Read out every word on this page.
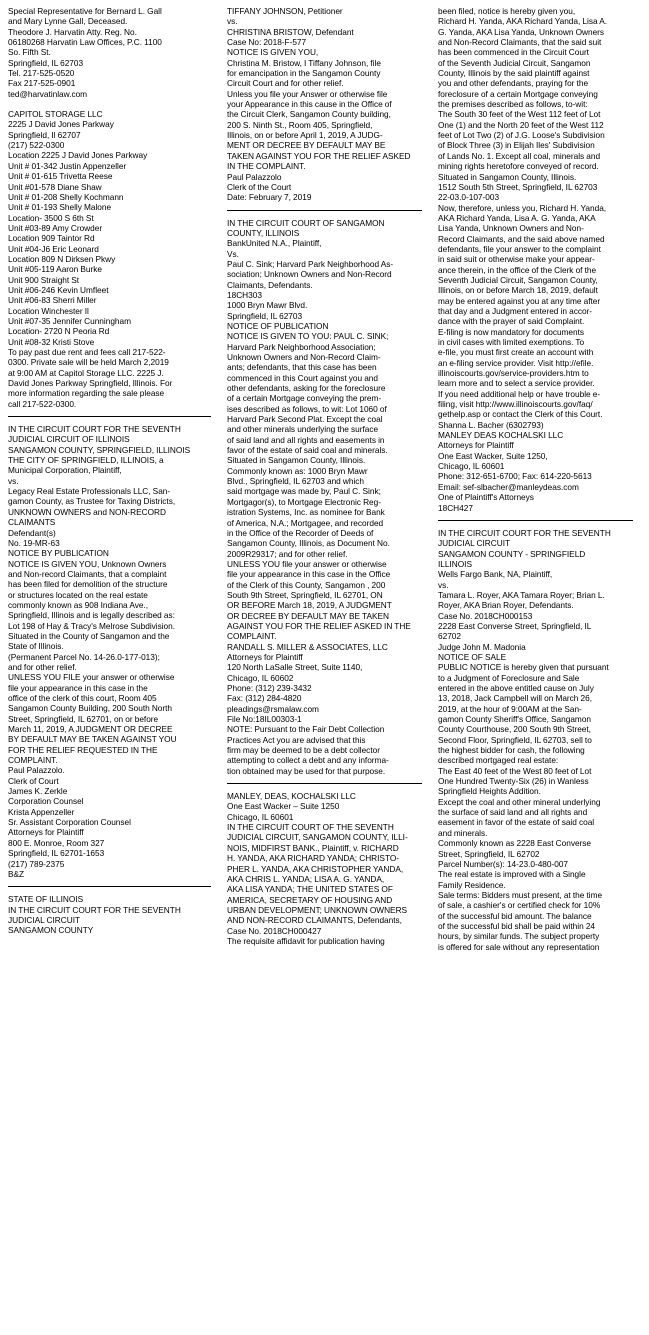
Special Representative for Bernard L. Gall

and Mary Lynne Gall, Deceased.

Theodore J. Harvatin Atty. Reg. No.

06180268 Harvatin Law Offices, P.C. 1100

So. Fifth St.

Springfield, IL 62703

Tel. 217-525-0520

Fax 217-525-0901

ted@harvatinlaw.com

CAPITOL STORAGE LLC

2225 J David Jones Parkway

Springfield, Il 62707

(217) 522-0300

Location 2225 J David Jones Parkway

Unit # 01-342 Justin Appenzeller

Unit # 01-615 Trivetta Reese

Unit #01-578 Diane Shaw

Unit # 01-208 Shelly Kochmann

Unit # 01-193 Shelly Malone

Location- 3500 S 6th St

Unit #03-89 Amy Crowder

Location 909 Taintor Rd

Unit #04-J6 Eric Leonard

Location 809 N Dirksen Pkwy

Unit #05-119 Aaron Burke

Unit 900 Straight St

Unit #06-246 Kevin Umfleet

Unit #06-83 Sherri Miller

Location Winchester Il

Unit #07-35 Jennifer Cunningham

Location- 2720 N Peoria Rd

Unit #08-32 Kristi Stove

To pay past due rent and fees call 217-522-

0300. Private sale will be held March 2,2019

at 9:00 AM at Capitol Storage LLC. 2225 J.

David Jones Parkway Springfield, Illinois. For

more information regarding the sale please

call 217-522-0300.

IN THE CIRCUIT COURT FOR THE SEVENTH

JUDICIAL CIRCUIT OF ILLINOIS

SANGAMON COUNTY, SPRINGFIELD, ILLINOIS

THE CITY OF SPRINGFIELD, ILLINOIS, a

Municipal Corporation, Plaintiff,

vs.

Legacy Real Estate Professionals LLC, San-

gamon County, as Trustee for Taxing Districts,

UNKNOWN OWNERS and NON-RECORD

CLAIMANTS

Defendant(s)

No. 19-MR-63

NOTICE BY PUBLICATION

NOTICE IS GIVEN YOU, Unknown Owners

and Non-record Claimants, that a complaint

has been filed for demolition of the structure

or structures located on the real estate

commonly known as 908 Indiana Ave.,

Springfield, Illinois and is legally described as:

Lot 198 of Hay & Tracy's Melrose Subdivision.

Situated in the County of Sangamon and the

State of Illinois.

(Permanent Parcel No. 14-26.0-177-013);

and for other relief.

UNLESS YOU FILE your answer or otherwise

file your appearance in this case in the

office of the clerk of this court, Room 405

Sangamon County Building, 200 South North

Street, Springfield, IL 62701, on or before

March 11, 2019, A JUDGMENT OR DECREE

BY DEFAULT MAY BE TAKEN AGAINST YOU

FOR THE RELIEF REQUESTED IN THE

COMPLAINT.

Paul Palazzolo.

Clerk of Court

James K. Zerkle

Corporation Counsel

Krista Appenzeller

Sr. Assistant Corporation Counsel

Attorneys for Plaintiff

800 E. Monroe, Room 327

Springfield, IL 62701-1653

(217) 789-2375

B&Z

STATE OF ILLINOIS

IN THE CIRCUIT COURT FOR THE SEVENTH

JUDICIAL CIRCUIT

SANGAMON COUNTY

TIFFANY JOHNSON, Petitioner

vs.

CHRISTINA BRISTOW, Defendant

Case No: 2018-F-577

NOTICE IS GIVEN YOU,

Christina M. Bristow, I Tiffany Johnson, file

for emancipation in the Sangamon County

Circuit Court and for other relief.

Unless you file your Answer or otherwise file

your Appearance in this cause in the Office of

the Circuit Clerk, Sangamon County building,

200 S. Ninth St., Room 405, Springfield,

Illinois, on or before April 1, 2019, A JUDG-

MENT OR DECREE BY DEFAULT MAY BE

TAKEN AGAINST YOU FOR THE RELIEF ASKED

IN THE COMPLAINT.

Paul Palazzolo

Clerk of the Court

Date: February 7, 2019

IN THE CIRCUIT COURT OF SANGAMON

COUNTY, ILLINOIS

BankUnited N.A., Plaintiff,

Vs.

Paul C. Sink; Harvard Park Neighborhood As-

sociation; Unknown Owners and Non-Record

Claimants, Defendants.

18CH303

1000 Bryn Mawr Blvd.

Springfield, IL 62703

NOTICE OF PUBLICATION

NOTICE IS GIVEN TO YOU: PAUL C. SINK;

Harvard Park Neighborhood Association;

Unknown Owners and Non-Record Claim-

ants; defendants, that this case has been

commenced in this Court against you and

other defendants, asking for the foreclosure

of a certain Mortgage conveying the prem-

ises described as follows, to wit: Lot 1060 of

Harvard Park Second Plat. Except the coal

and other minerals underlying the surface

of said land and all rights and easements in

favor of the estate of said coal and minerals.

Situated in Sangamon County, Illinois.

Commonly known as: 1000 Bryn Mawr

Blvd., Springfield, IL 62703 and which

said mortgage was made by, Paul C. Sink;

Mortgagor(s), to Mortgage Electronic Reg-

istration Systems, Inc. as nominee for Bank

of America, N.A.; Mortgagee, and recorded

in the Office of the Recorder of Deeds of

Sangamon County, Illinois, as Document No.

2009R29317; and for other relief.

UNLESS YOU file your answer or otherwise

file your appearance in this case in the Office

of the Clerk of this County, Sangamon , 200

South 9th Street, Springfield, IL 62701, ON

OR BEFORE March 18, 2019, A JUDGMENT

OR DECREE BY DEFAULT MAY BE TAKEN

AGAINST YOU FOR THE RELIEF ASKED IN THE

COMPLAINT.

RANDALL S. MILLER & ASSOCIATES, LLC

Attorneys for Plaintiff

120 North LaSalle Street, Suite 1140,

Chicago, IL 60602

Phone: (312) 239-3432

Fax: (312) 284-4820

pleadings@rsmalaw.com

File No:18IL00303-1

NOTE: Pursuant to the Fair Debt Collection

Practices Act you are advised that this

firm may be deemed to be a debt collector

attempting to collect a debt and any informa-

tion obtained may be used for that purpose.

MANLEY, DEAS, KOCHALSKI LLC

One East Wacker – Suite 1250

Chicago, IL 60601

IN THE CIRCUIT COURT OF THE SEVENTH

JUDICIAL CIRCUIT, SANGAMON COUNTY, ILLI-

NOIS, MIDFIRST BANK., Plaintiff, v. RICHARD

H. YANDA, AKA RICHARD YANDA; CHRISTO-

PHER L. YANDA, AKA CHRISTOPHER YANDA,

AKA CHRIS L. YANDA; LISA A. G. YANDA,

AKA LISA YANDA; THE UNITED STATES OF

AMERICA, SECRETARY OF HOUSING AND

URBAN DEVELOPMENT; UNKNOWN OWNERS

AND NON-RECORD CLAIMANTS, Defendants,

Case No. 2018CH000427

The requisite affidavit for publication having

been filed, notice is hereby given you,

Richard H. Yanda, AKA Richard Yanda, Lisa A.

G. Yanda, AKA Lisa Yanda, Unknown Owners

and Non-Record Claimants, that the said suit

has been commenced in the Circuit Court

of the Seventh Judicial Circuit, Sangamon

County, Illinois by the said plaintiff against

you and other defendants, praying for the

foreclosure of a certain Mortgage conveying

the premises described as follows, to-wit:

The South 30 feet of the West 112 feet of Lot

One (1) and the North 20 feet of the West 112

feet of Lot Two (2) of J.G. Loose's Subdivision

of Block Three (3) in Elijah Iles' Subdivision

of Lands No. 1. Except all coal, minerals and

mining rights heretofore conveyed of record.

Situated in Sangamon County, Illinois.

1512 South 5th Street, Springfield, IL 62703

22-03.0-107-003

Now, therefore, unless you, Richard H. Yanda,

AKA Richard Yanda, Lisa A. G. Yanda, AKA

Lisa Yanda, Unknown Owners and Non-

Record Claimants, and the said above named

defendants, file your answer to the complaint

in said suit or otherwise make your appear-

ance therein, in the office of the Clerk of the

Seventh Judicial Circuit, Sangamon County,

Illinois, on or before March 18, 2019, default

may be entered against you at any time after

that day and a Judgment entered in accor-

dance with the prayer of said Complaint.

E-filing is now mandatory for documents

in civil cases with limited exemptions. To

e-file, you must first create an account with

an e-filing service provider. Visit http://efile.

illinoiscourts.gov/service-providers.htm to

learn more and to select a service provider.

If you need additional help or have trouble e-

filing, visit http://www.illinoiscourts.gov/faq/

gethelp.asp or contact the Clerk of this Court.

Shanna L. Bacher (6302793)

MANLEY DEAS KOCHALSKI LLC

Attorneys for Plaintiff

One East Wacker, Suite 1250,

Chicago, IL 60601

Phone: 312-651-6700; Fax: 614-220-5613

Email: sef-slbacher@manleydeas.com

One of Plaintiff's Attorneys

18CH427

IN THE CIRCUIT COURT FOR THE SEVENTH

JUDICIAL CIRCUIT

SANGAMON COUNTY - SPRINGFIELD

ILLINOIS

Wells Fargo Bank, NA, Plaintiff,

vs.

Tamara L. Royer, AKA Tamara Royer; Brian L.

Royer, AKA Brian Royer, Defendants.

Case No. 2018CH000153

2228 East Converse Street, Springfield, IL

62702

Judge John M. Madonia

NOTICE OF SALE

PUBLIC NOTICE is hereby given that pursuant

to a Judgment of Foreclosure and Sale

entered in the above entitled cause on July

13, 2018, Jack Campbell will on March 26,

2019, at the hour of 9:00AM at the San-

gamon County Sheriff's Office, Sangamon

County Courthouse, 200 South 9th Street,

Second Floor, Springfield, IL 62703, sell to

the highest bidder for cash, the following

described mortgaged real estate:

The East 40 feet of the West 80 feet of Lot

One Hundred Twenty-Six (26) in Wanless

Springfield Heights Addition.

Except the coal and other mineral underlying

the surface of said land and all rights and

easement in favor of the estate of said coal

and minerals.

Commonly known as 2228 East Converse

Street, Springfield, IL 62702

Parcel Number(s): 14-23.0-480-007

The real estate is improved with a Single

Family Residence.

Sale terms: Bidders must present, at the time

of sale, a cashier's or certified check for 10%

of the successful bid amount. The balance

of the successful bid shall be paid within 24

hours, by similar funds. The subject property

is offered for sale without any representation
